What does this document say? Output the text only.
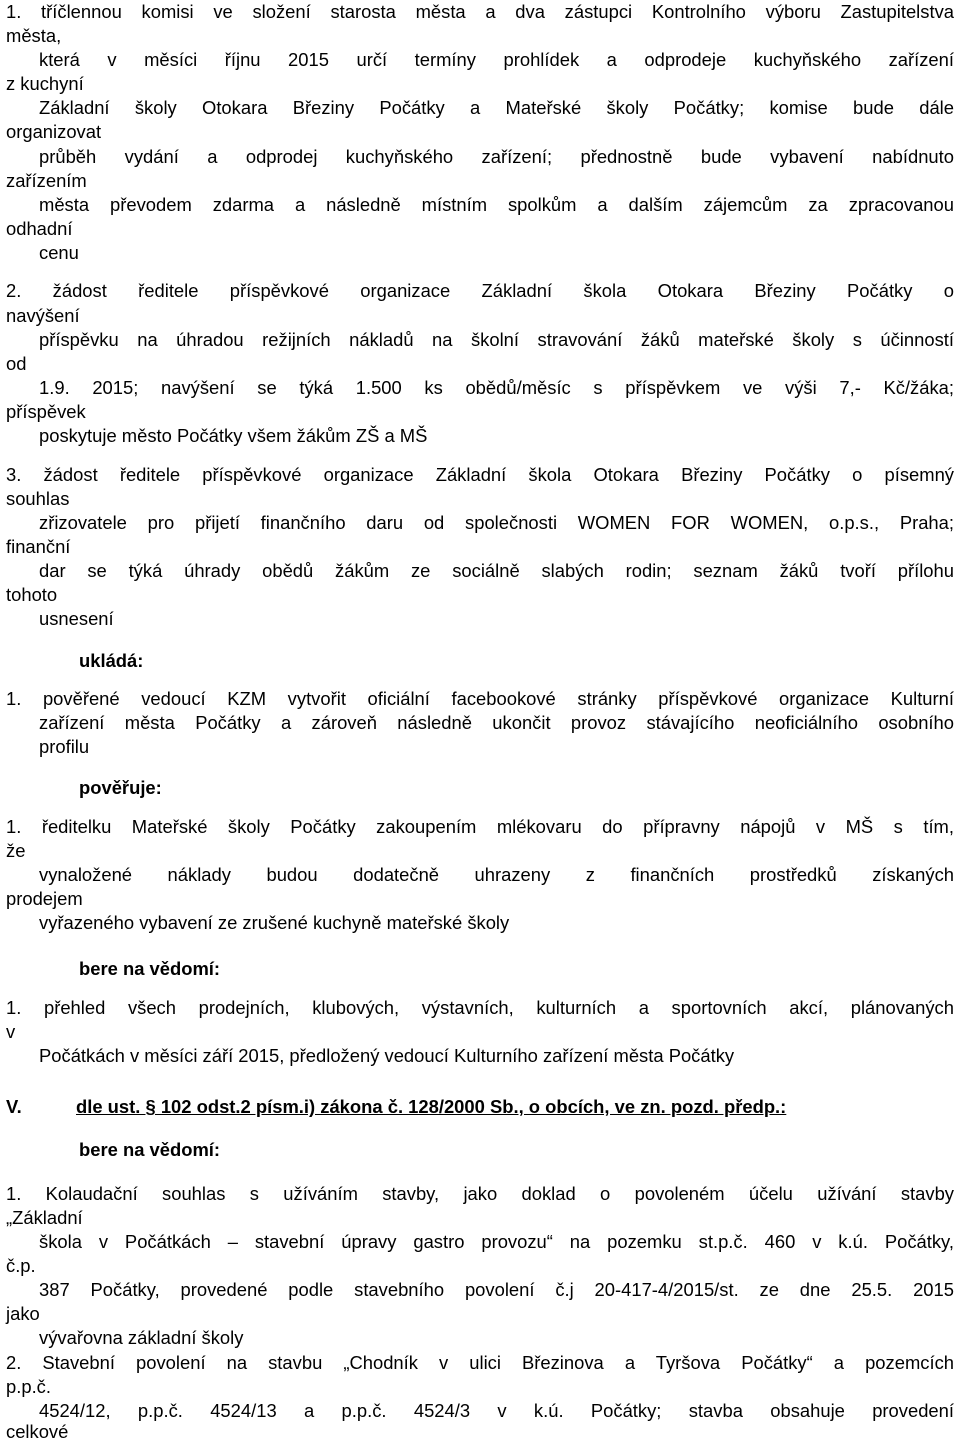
1. tříčlennou komisi ve složení starosta města a dva zástupci Kontrolního výboru Zastupitelstva
města,
která v měsíci říjnu 2015 určí termíny prohlídek a odprodeje kuchyňského zařízení
z kuchyní
Základní školy Otokara Březiny Počátky a Mateřské školy Počátky; komise bude dále
organizovat
průběh vydání a odprodej kuchyňského zařízení; přednostně bude vybavení nabídnuto
zařízením
města převodem zdarma a následně místním spolkům a dalším zájemcům za zpracovanou
odhadní
cenu
2. žádost ředitele příspěvkové organizace Základní škola Otokara Březiny Počátky o
navýšení
příspěvku na úhradou režijních nákladů na školní stravování žáků mateřské školy s účinností
od
1.9. 2015; navýšení se týká 1.500 ks obědů/měsíc s příspěvkem ve výši 7,- Kč/žáka;
příspěvek
poskytuje město Počátky všem žákům ZŠ a MŠ
3. žádost ředitele příspěvkové organizace Základní škola Otokara Březiny Počátky o písemný
souhlas
zřizovatele pro přijetí finančního daru od společnosti WOMEN FOR WOMEN, o.p.s., Praha;
finanční
dar se týká úhrady obědů žákům ze sociálně slabých rodin; seznam žáků tvoří přílohu
tohoto
usnesení
ukládá:
1. pověřené vedoucí KZM vytvořit oficiální facebookové stránky příspěvkové organizace Kulturní
zařízení města Počátky a zároveň následně ukončit provoz stávajícího neoficiálního osobního
profilu
pověřuje:
1. ředitelku Mateřské školy Počátky zakoupením mlékovaru do přípravny nápojů v MŠ s tím,
že
vynaložené náklady budou dodatečně uhrazeny z finančních prostředků získaných
prodejem
vyřazeného vybavení ze zrušené kuchyně mateřské školy
bere na vědomí:
1. přehled všech prodejních, klubových, výstavních, kulturních a sportovních akcí, plánovaných
v
Počátkách v měsíci září 2015, předložený vedoucí Kulturního zařízení města Počátky
V.	dle ust. § 102 odst.2 písm.i) zákona č. 128/2000 Sb., o obcích, ve zn. pozd. předp.:
bere na vědomí:
1. Kolaudační souhlas s užíváním stavby, jako doklad o povoleném účelu užívání stavby
„Základní
škola v Počátkách – stavební úpravy gastro provozu“ na pozemku st.p.č. 460 v k.ú. Počátky,
č.p.
387 Počátky, provedené podle stavebního povolení č.j 20-417-4/2015/st. ze dne 25.5. 2015
jako
vývařovna základní školy
2. Stavební povolení na stavbu „Chodník v ulici Březinova a Tyršova Počátky“ a pozemcích
p.p.č.
4524/12, p.p.č. 4524/13 a p.p.č. 4524/3 v k.ú. Počátky; stavba obsahuje provedení
celkové
